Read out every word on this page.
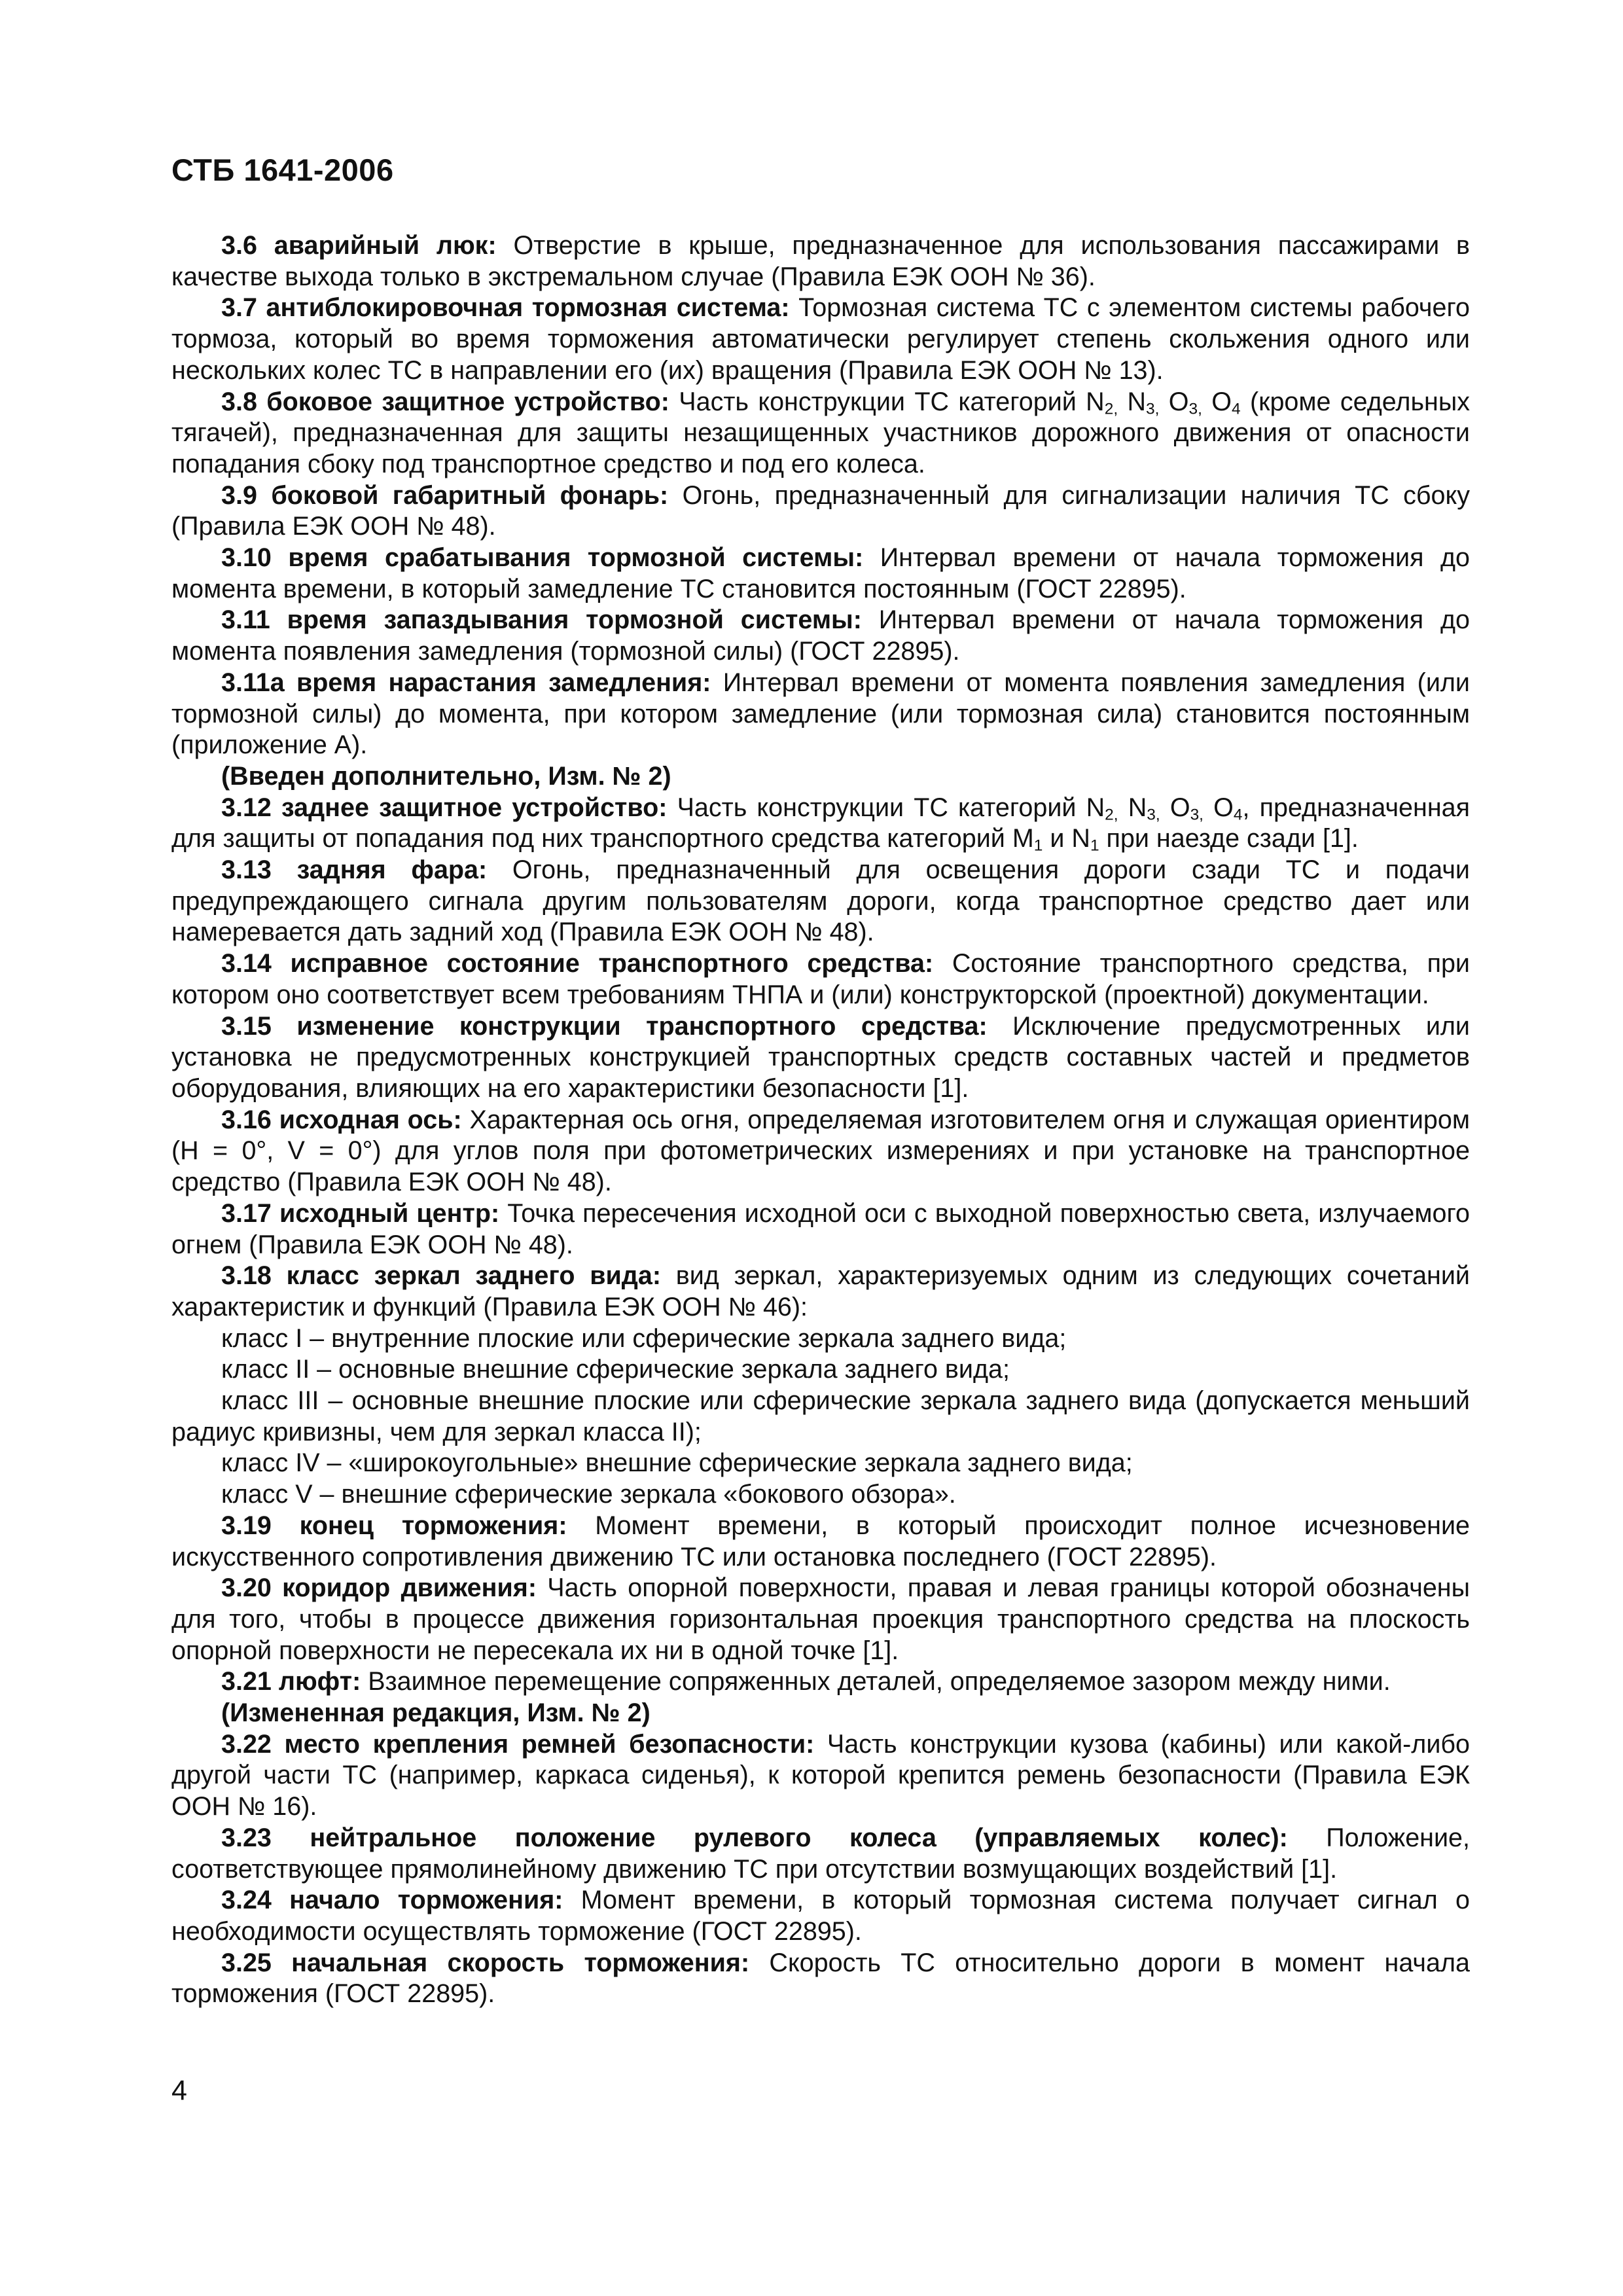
СТБ 1641-2006

3.6 аварийный люк: Отверстие в крыше, предназначенное для использования пассажирами в качестве выхода только в экстремальном случае (Правила ЕЭК ООН № 36).

3.7 антиблокировочная тормозная система: Тормозная система ТС с элементом системы рабочего тормоза, который во время торможения автоматически регулирует степень скольжения одного или нескольких колес ТС в направлении его (их) вращения (Правила ЕЭК ООН № 13).

3.8 боковое защитное устройство: Часть конструкции ТС категорий $N_{2,}$ $N_{3,}$ $O_{3,}$ $O_4$ (кроме седельных тягачей), предназначенная для защиты незащищенных участников дорожного движения от опасности попадания сбоку под транспортное средство и под его колеса.

3.9 боковой габаритный фонарь: Огонь, предназначенный для сигнализации наличия ТС сбоку (Правила ЕЭК ООН № 48).

3.10 время срабатывания тормозной системы: Интервал времени от начала торможения до момента времени, в который замедление ТС становится постоянным (ГОСТ 22895).

3.11 время запаздывания тормозной системы: Интервал времени от начала торможения до момента появления замедления (тормозной силы) (ГОСТ 22895).

3.11а время нарастания замедления: Интервал времени от момента появления замедления (или тормозной силы) до момента, при котором замедление (или тормозная сила) становится постоянным (приложение А).

(Введен дополнительно, Изм. № 2)

3.12 заднее защитное устройство: Часть конструкции ТС категорий $N_{2,}$ $N_{3,}$ $O_{3,}$ $O_4$, предназначенная для защиты от попадания под них транспортного средства категорий $M_1$ и $N_1$ при наезде сзади [1].

3.13 задняя фара: Огонь, предназначенный для освещения дороги сзади ТС и подачи предупреждающего сигнала другим пользователям дороги, когда транспортное средство дает или намеревается дать задний ход (Правила ЕЭК ООН № 48).

3.14 исправное состояние транспортного средства: Состояние транспортного средства, при котором оно соответствует всем требованиям ТНПА и (или) конструкторской (проектной) документации.

3.15 изменение конструкции транспортного средства: Исключение предусмотренных или установка не предусмотренных конструкцией транспортных средств составных частей и предметов оборудования, влияющих на его характеристики безопасности [1].

3.16 исходная ось: Характерная ось огня, определяемая изготовителем огня и служащая ориентиром (H = 0°, V = 0°) для углов поля при фотометрических измерениях и при установке на транспортное средство (Правила ЕЭК ООН № 48).

3.17 исходный центр: Точка пересечения исходной оси с выходной поверхностью света, излучаемого огнем (Правила ЕЭК ООН № 48).

3.18 класс зеркал заднего вида: вид зеркал, характеризуемых одним из следующих сочетаний характеристик и функций (Правила ЕЭК ООН № 46):

класс I – внутренние плоские или сферические зеркала заднего вида;

класс II – основные внешние сферические зеркала заднего вида;

класс III – основные внешние плоские или сферические зеркала заднего вида (допускается меньший радиус кривизны, чем для зеркал класса II);

класс IV – «широкоугольные» внешние сферические зеркала заднего вида;

класс V – внешние сферические зеркала «бокового обзора».

3.19 конец торможения: Момент времени, в который происходит полное исчезновение искусственного сопротивления движению ТС или остановка последнего (ГОСТ 22895).

3.20 коридор движения: Часть опорной поверхности, правая и левая границы которой обозначены для того, чтобы в процессе движения горизонтальная проекция транспортного средства на плоскость опорной поверхности не пересекала их ни в одной точке [1].

3.21 люфт: Взаимное перемещение сопряженных деталей, определяемое зазором между ними.

(Измененная редакция, Изм. № 2)

3.22 место крепления ремней безопасности: Часть конструкции кузова (кабины) или какой-либо другой части ТС (например, каркаса сиденья), к которой крепится ремень безопасности (Правила ЕЭК ООН № 16).

3.23 нейтральное положение рулевого колеса (управляемых колес): Положение, соответствующее прямолинейному движению ТС при отсутствии возмущающих воздействий [1].

3.24 начало торможения: Момент времени, в который тормозная система получает сигнал о необходимости осуществлять торможение (ГОСТ 22895).

3.25 начальная скорость торможения: Скорость ТС относительно дороги в момент начала торможения (ГОСТ 22895).

4
